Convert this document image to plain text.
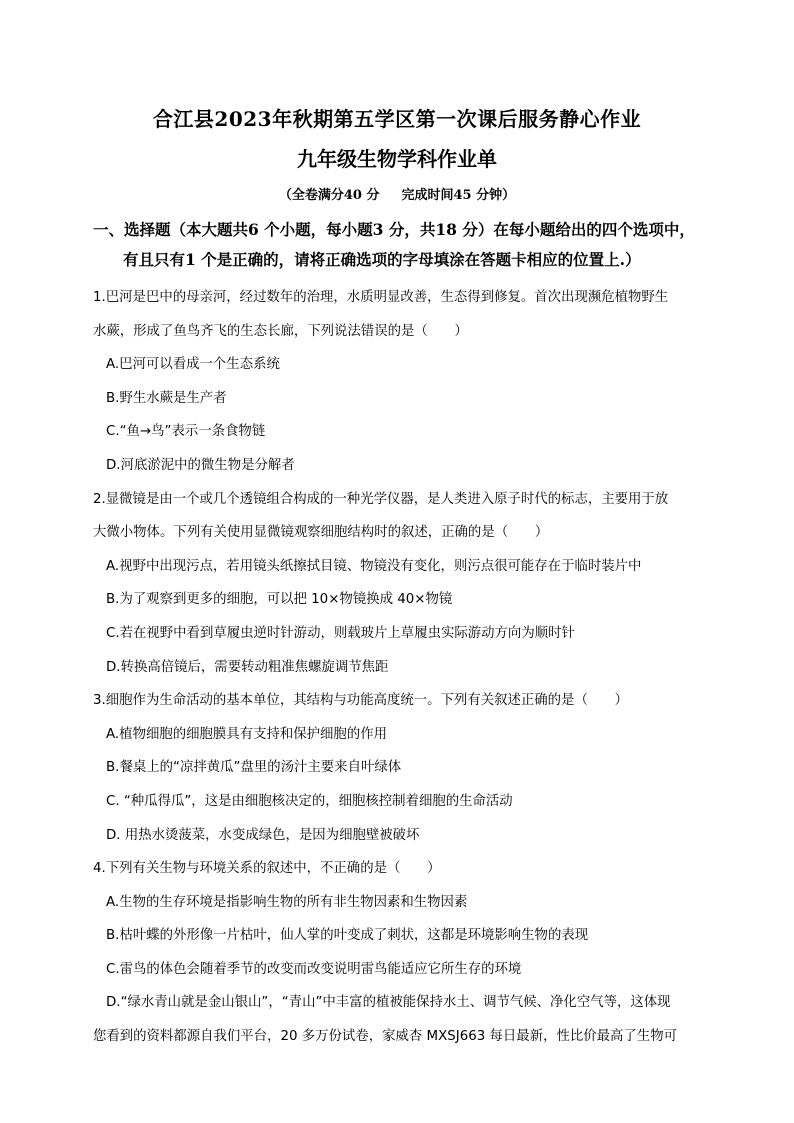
合江县2023年秋期第五学区第一次课后服务静心作业
九年级生物学科作业单
（全卷满分40 分 完成时间45 分钟）
一、选择题（本大题共6 个小题，每小题3 分，共18 分）在每小题给出的四个选项中，
有且只有1 个是正确的，请将正确选项的字母填涂在答题卡相应的位置上.）
1.巴河是巴中的母亲河，经过数年的治理，水质明显改善，生态得到修复。首次出现濒危植物野生
水蕨，形成了鱼鸟齐飞的生态长廊，下列说法错误的是（　　）
A.巴河可以看成一个生态系统
B.野生水蕨是生产者
C.“鱼→鸟”表示一条食物链
D.河底淤泥中的微生物是分解者
2.显微镜是由一个或几个透镜组合构成的一种光学仪器，是人类进入原子时代的标志，主要用于放
大微小物体。下列有关使用显微镜观察细胞结构时的叙述，正确的是（　　）
A.视野中出现污点，若用镜头纸擦拭目镜、物镜没有变化，则污点很可能存在于临时装片中
B.为了观察到更多的细胞，可以把 10×物镜换成 40×物镜
C.若在视野中看到草履虫逆时针游动，则载玻片上草履虫实际游动方向为顺时针
D.转换高倍镜后，需要转动粗准焦螺旋调节焦距
3.细胞作为生命活动的基本单位，其结构与功能高度统一。下列有关叙述正确的是（　　）
A.植物细胞的细胞膜具有支持和保护细胞的作用
B.餐桌上的“凉拌黄瓜”盘里的汤汁主要来自叶绿体
C. “种瓜得瓜”，这是由细胞核决定的，细胞核控制着细胞的生命活动
D. 用热水烫菠菜，水变成绿色，是因为细胞壁被破坏
4.下列有关生物与环境关系的叙述中，不正确的是（　　）
A.生物的生存环境是指影响生物的所有非生物因素和生物因素
B.枯叶蝶的外形像一片枯叶，仙人掌的叶变成了刺状，这都是环境影响生物的表现
C.雷鸟的体色会随着季节的改变而改变说明雷鸟能适应它所生存的环境
D.“绿水青山就是金山银山”，“青山”中丰富的植被能保持水土、调节气候、净化空气等，这体现
您看到的资料都源自我们平台，20 多万份试卷，家威杏 MXSJ663 每日最新，性比价最高了生物可
